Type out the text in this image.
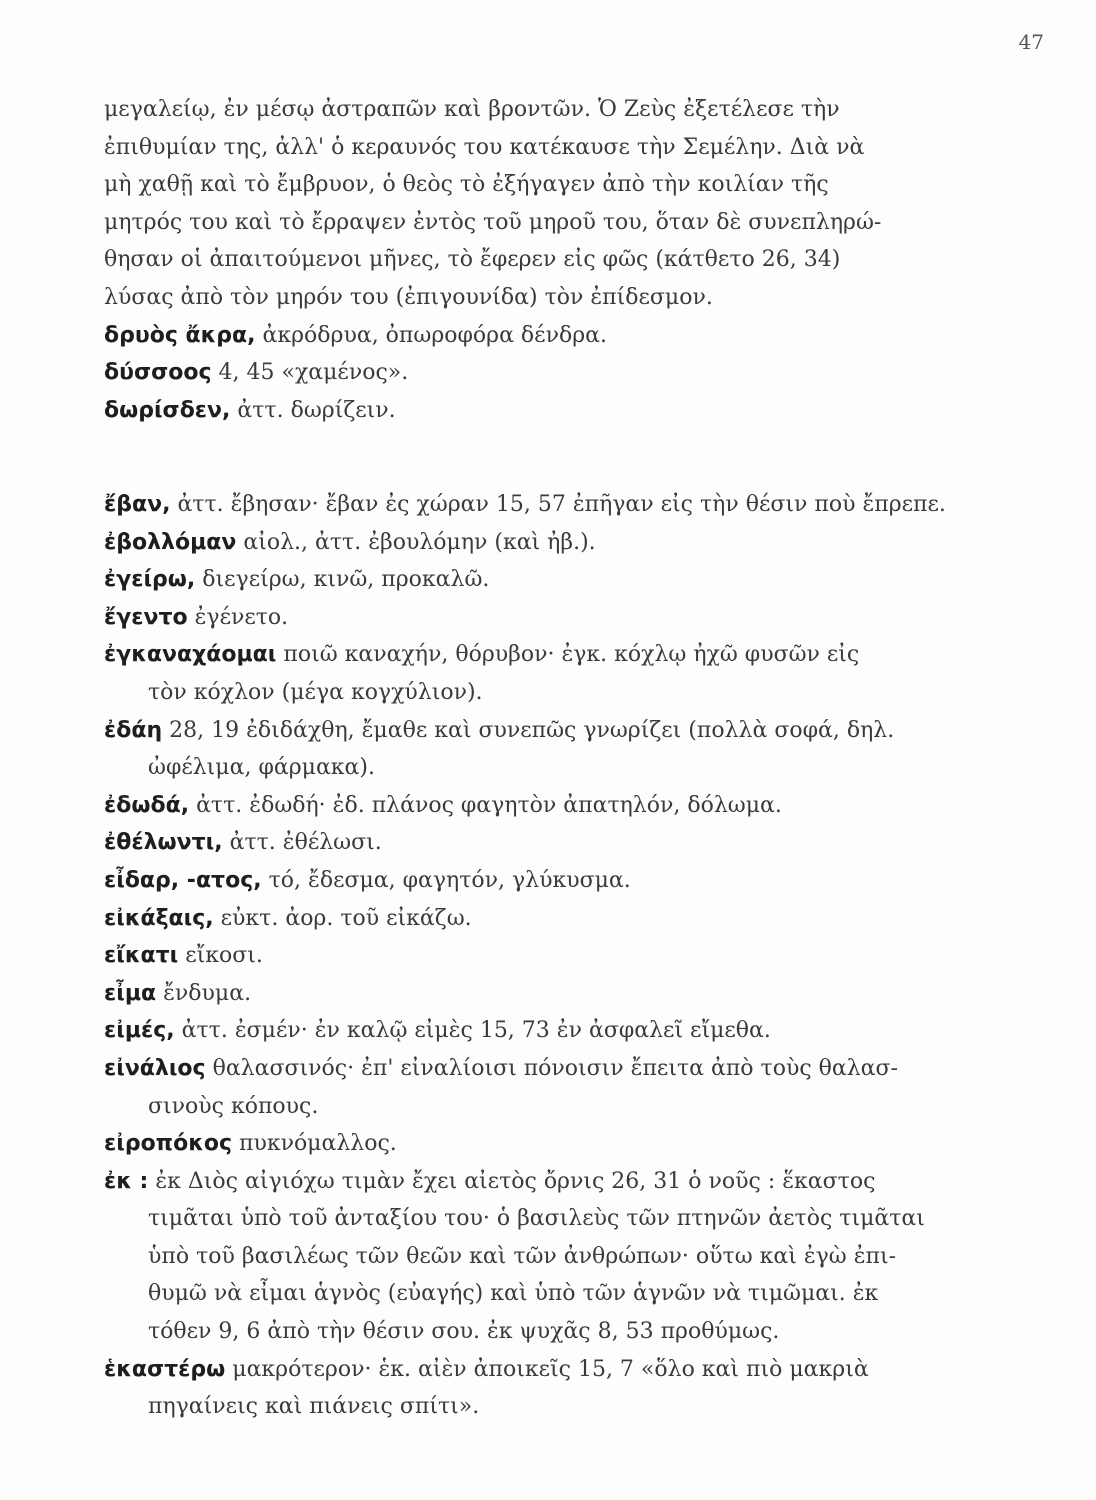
47
μεγαλείῳ, ἐν μέσῳ ἀστραπῶν καὶ βροντῶν. Ὁ Ζεὺς ἐξετέλεσε τὴν
ἐπιθυμίαν της, ἀλλ' ὁ κεραυνός του κατέκαυσε τὴν Σεμέλην. Διὰ νὰ
μὴ χαθῇ καὶ τὸ ἔμβρυον, ὁ θεὸς τὸ ἐξήγαγεν ἀπὸ τὴν κοιλίαν τῆς
μητρός του καὶ τὸ ἔρραψεν ἐντὸς τοῦ μηροῦ του, ὅταν δὲ συνεπληρώ-
θησαν οἱ ἀπαιτούμενοι μῆνες, τὸ ἔφερεν εἰς φῶς (κάτθετο 26, 34)
λύσας ἀπὸ τὸν μηρόν του (ἐπιγουνίδα) τὸν ἐπίδεσμον.
δρυὸς ἄκρα, ἀκρόδρυα, ὀπωροφόρα δένδρα.
δύσσοος 4, 45 «χαμένος».
δωρίσδεν, ἀττ. δωρίζειν.
ἔβαν, ἀττ. ἔβησαν· ἔβαν ἐς χώραν 15, 57 ἐπῆγαν εἰς τὴν θέσιν ποὺ ἔπρεπε.
ἐβολλόμαν αἰολ., ἀττ. ἐβουλόμην (καὶ ἠβ.).
ἐγείρω, διεγείρω, κινῶ, προκαλῶ.
ἔγεντο ἐγένετο.
ἐγκαναχάομαι ποιῶ καναχήν, θόρυβον· ἐγκ. κόχλῳ ἠχῶ φυσῶν εἰς
τὸν κόχλον (μέγα κογχύλιον).
ἐδάη 28, 19 ἐδιδάχθη, ἔμαθε καὶ συνεπῶς γνωρίζει (πολλὰ σοφά, δηλ.
ὠφέλιμα, φάρμακα).
ἐδωδά, ἀττ. ἐδωδή· ἐδ. πλάνος φαγητὸν ἀπατηλόν, δόλωμα.
ἐθέλωντι, ἀττ. ἐθέλωσι.
εἶδαρ, -ατος, τό, ἔδεσμα, φαγητόν, γλύκυσμα.
εἰκάξαις, εὐκτ. ἀορ. τοῦ εἰκάζω.
εἴκατι εἴκοσι.
εἶμα ἔνδυμα.
εἰμές, ἀττ. ἐσμέν· ἐν καλῷ εἰμὲς 15, 73 ἐν ἀσφαλεῖ εἴμεθα.
εἰνάλιος θαλασσινός· ἐπ' εἰναλίοισι πόνοισιν ἔπειτα ἀπὸ τοὺς θαλασ-
σινοὺς κόπους.
εἰροπόκος πυκνόμαλλος.
ἐκ : ἐκ Διὸς αἰγιόχω τιμὰν ἔχει αἰετὸς ὄρνις 26, 31 ὁ νοῦς : ἕκαστος
τιμᾶται ὑπὸ τοῦ ἀνταξίου του· ὁ βασιλεὺς τῶν πτηνῶν ἀετὸς τιμᾶται
ὑπὸ τοῦ βασιλέως τῶν θεῶν καὶ τῶν ἀνθρώπων· οὕτω καὶ ἐγὼ ἐπι-
θυμῶ νὰ εἶμαι ἁγνὸς (εὐαγής) καὶ ὑπὸ τῶν ἁγνῶν νὰ τιμῶμαι. ἐκ
τόθεν 9, 6 ἀπὸ τὴν θέσιν σου. ἐκ ψυχᾶς 8, 53 προθύμως.
ἑκαστέρω μακρότερον· ἑκ. αἰὲν ἀποικεῖς 15, 7 «ὅλο καὶ πιὸ μακριὰ
πηγαίνεις καὶ πιάνεις σπίτι».
